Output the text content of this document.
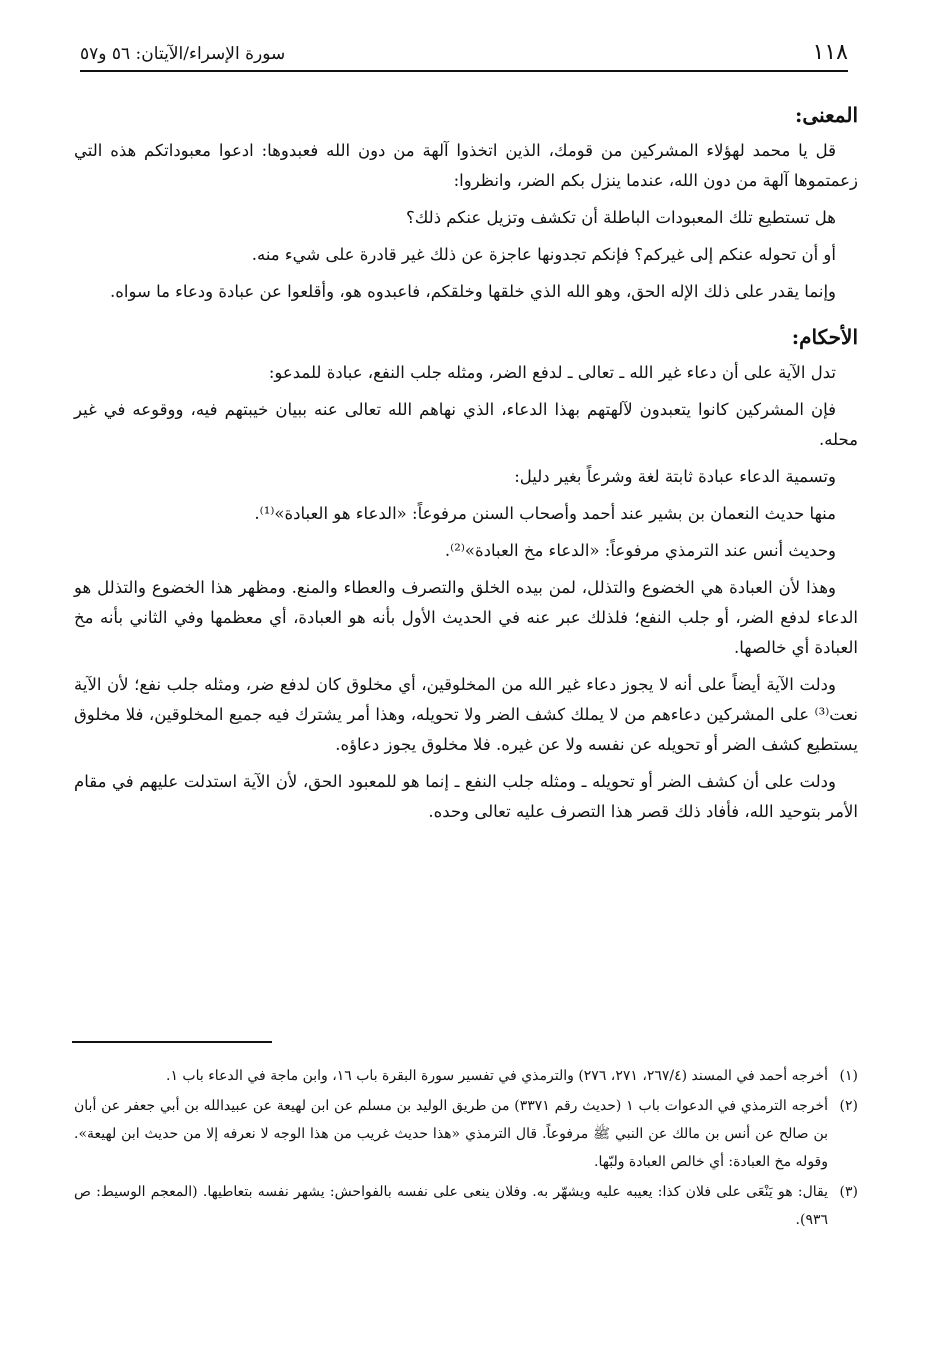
١١٨
سورة الإسراء/الآيتان: ٥٦ و٥٧
المعنى:

قل يا محمد لهؤلاء المشركين من قومك، الذين اتخذوا آلهة من دون الله فعبدوها: ادعوا معبوداتكم هذه التي زعمتموها آلهة من دون الله، عندما ينزل بكم الضر، وانظروا:

هل تستطيع تلك المعبودات الباطلة أن تكشف وتزيل عنكم ذلك؟

أو أن تحوله عنكم إلى غيركم؟ فإنكم تجدونها عاجزة عن ذلك غير قادرة على شيء منه.

وإنما يقدر على ذلك الإله الحق، وهو الله الذي خلقها وخلقكم، فاعبدوه هو، وأقلعوا عن عبادة ودعاء ما سواه.

الأحكام:

تدل الآية على أن دعاء غير الله ـ تعالى ـ لدفع الضر، ومثله جلب النفع، عبادة للمدعو:

فإن المشركين كانوا يتعبدون لآلهتهم بهذا الدعاء، الذي نهاهم الله تعالى عنه ببيان خيبتهم فيه، ووقوعه في غير محله.

وتسمية الدعاء عبادة ثابتة لغة وشرعاً بغير دليل:

منها حديث النعمان بن بشير عند أحمد وأصحاب السنن مرفوعاً: «الدعاء هو العبادة»⁽¹⁾.

وحديث أنس عند الترمذي مرفوعاً: «الدعاء مخ العبادة»⁽²⁾.

وهذا لأن العبادة هي الخضوع والتذلل، لمن بيده الخلق والتصرف والعطاء والمنع. ومظهر هذا الخضوع والتذلل هو الدعاء لدفع الضر، أو جلب النفع؛ فلذلك عبر عنه في الحديث الأول بأنه هو العبادة، أي معظمها وفي الثاني بأنه مخ العبادة أي خالصها.

ودلت الآية أيضاً على أنه لا يجوز دعاء غير الله من المخلوقين، أي مخلوق كان لدفع ضر، ومثله جلب نفع؛ لأن الآية نعت⁽³⁾ على المشركين دعاءهم من لا يملك كشف الضر ولا تحويله، وهذا أمر يشترك فيه جميع المخلوقين، فلا مخلوق يستطيع كشف الضر أو تحويله عن نفسه ولا عن غيره. فلا مخلوق يجوز دعاؤه.

ودلت على أن كشف الضر أو تحويله ـ ومثله جلب النفع ـ إنما هو للمعبود الحق، لأن الآية استدلت عليهم في مقام الأمر بتوحيد الله، فأفاد ذلك قصر هذا التصرف عليه تعالى وحده.

(١)
أخرجه أحمد في المسند (٢٦٧/٤، ٢٧١، ٢٧٦) والترمذي في تفسير سورة البقرة باب ١٦، وابن ماجة في الدعاء باب ١.
(٢)
أخرجه الترمذي في الدعوات باب ١ (حديث رقم ٣٣٧١) من طريق الوليد بن مسلم عن ابن لهيعة عن عبيدالله بن أبي جعفر عن أبان بن صالح عن أنس بن مالك عن النبي ﷺ مرفوعاً. قال الترمذي «هذا حديث غريب من هذا الوجه لا نعرفه إلا من حديث ابن لهيعة». وقوله مخ العبادة: أي خالص العبادة ولبّها.
(٣)
يقال: هو يَنْعَى على فلان كذا: يعيبه عليه ويشهّر به. وفلان ينعى على نفسه بالفواحش: يشهر نفسه بتعاطيها. (المعجم الوسيط: ص ٩٣٦).
